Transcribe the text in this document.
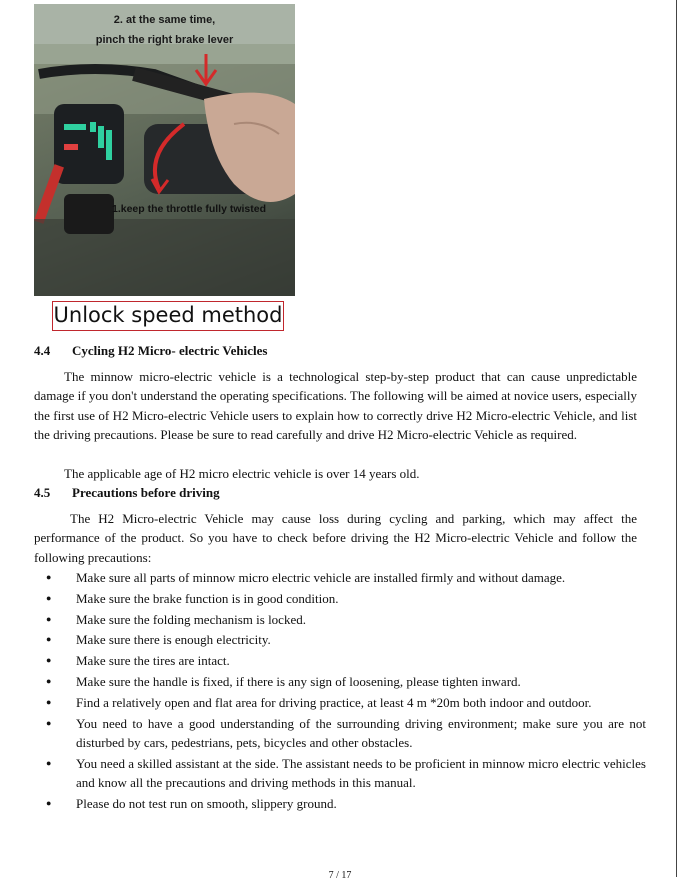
2. at the same time,
pinch the right brake lever
1.keep the throttle fully twisted
Unlock speed method
4.4 Cycling H2 Micro- electric Vehicles
The minnow micro-electric vehicle is a technological step-by-step product that can cause unpredictable damage if you don't understand the operating specifications. The following will be aimed at novice users, especially the first use of H2 Micro-electric Vehicle users to explain how to correctly drive H2 Micro-electric Vehicle, and list the driving precautions. Please be sure to read carefully and drive H2 Micro-electric Vehicle as required.
The applicable age of H2 micro electric vehicle is over 14 years old.
4.5 Precautions before driving
The H2 Micro-electric Vehicle may cause loss during cycling and parking, which may affect the performance of the product. So you have to check before driving the H2 Micro-electric Vehicle and follow the following precautions:
● Make sure all parts of minnow micro electric vehicle are installed firmly and without damage.
● Make sure the brake function is in good condition.
● Make sure the folding mechanism is locked.
● Make sure there is enough electricity.
● Make sure the tires are intact.
● Make sure the handle is fixed, if there is any sign of loosening, please tighten inward.
● Find a relatively open and flat area for driving practice, at least 4 m *20m both indoor and outdoor.
● You need to have a good understanding of the surrounding driving environment; make sure you are not disturbed by cars, pedestrians, pets, bicycles and other obstacles.
● You need a skilled assistant at the side. The assistant needs to be proficient in minnow micro electric vehicles and know all the precautions and driving methods in this manual.
● Please do not test run on smooth, slippery ground.
7 / 17
